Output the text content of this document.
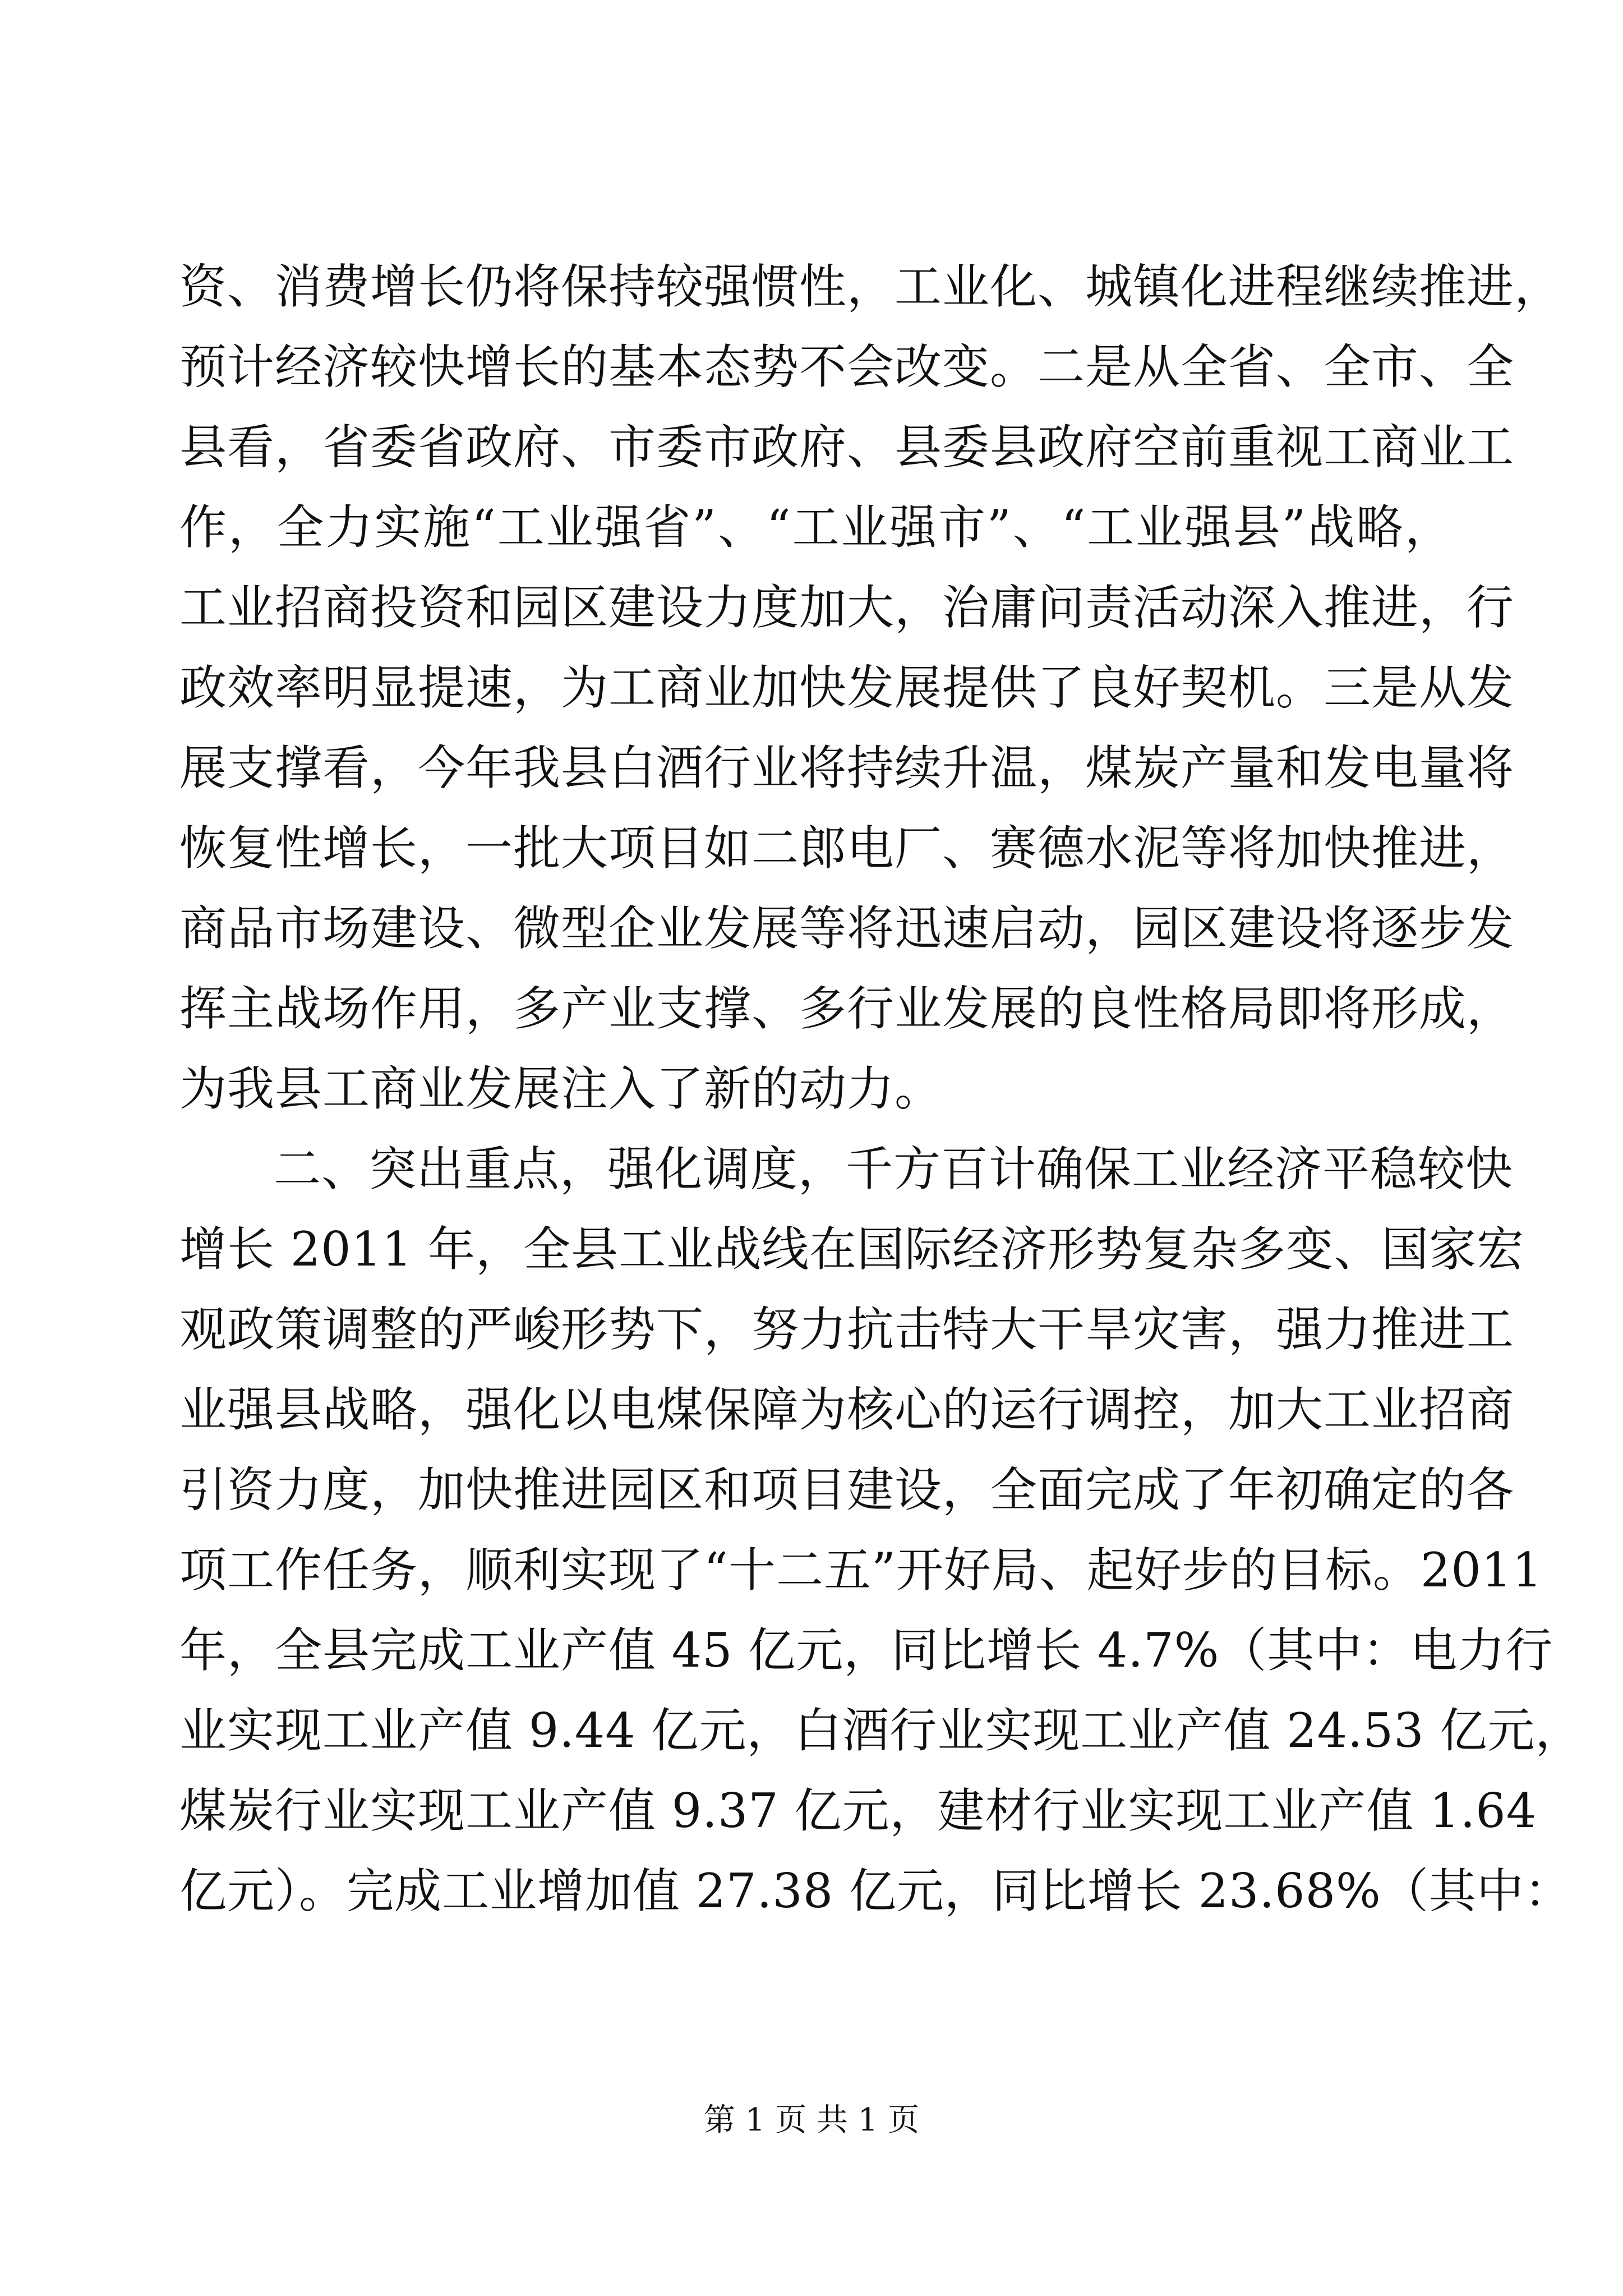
资、消费增长仍将保持较强惯性，工业化、城镇化进程继续推进，
预计经济较快增长的基本态势不会改变。二是从全省、全市、全
县看，省委省政府、市委市政府、县委县政府空前重视工商业工
作，全力实施“工业强省”、“工业强市”、“工业强县”战略，
工业招商投资和园区建设力度加大，治庸问责活动深入推进，行
政效率明显提速，为工商业加快发展提供了良好契机。三是从发
展支撑看，今年我县白酒行业将持续升温，煤炭产量和发电量将
恢复性增长，一批大项目如二郎电厂、赛德水泥等将加快推进，
商品市场建设、微型企业发展等将迅速启动，园区建设将逐步发
挥主战场作用，多产业支撑、多行业发展的良性格局即将形成，
为我县工商业发展注入了新的动力。
二、突出重点，强化调度，千方百计确保工业经济平稳较快
增长 2011 年，全县工业战线在国际经济形势复杂多变、国家宏
观政策调整的严峻形势下，努力抗击特大干旱灾害，强力推进工
业强县战略，强化以电煤保障为核心的运行调控，加大工业招商
引资力度，加快推进园区和项目建设，全面完成了年初确定的各
项工作任务，顺利实现了“十二五”开好局、起好步的目标。2011
年，全县完成工业产值 45 亿元，同比增长 4.7%（其中：电力行
业实现工业产值 9.44 亿元，白酒行业实现工业产值 24.53 亿元，
煤炭行业实现工业产值 9.37 亿元，建材行业实现工业产值 1.64
亿元）。完成工业增加值 27.38 亿元，同比增长 23.68%（其中：
第 1 页 共 1 页
